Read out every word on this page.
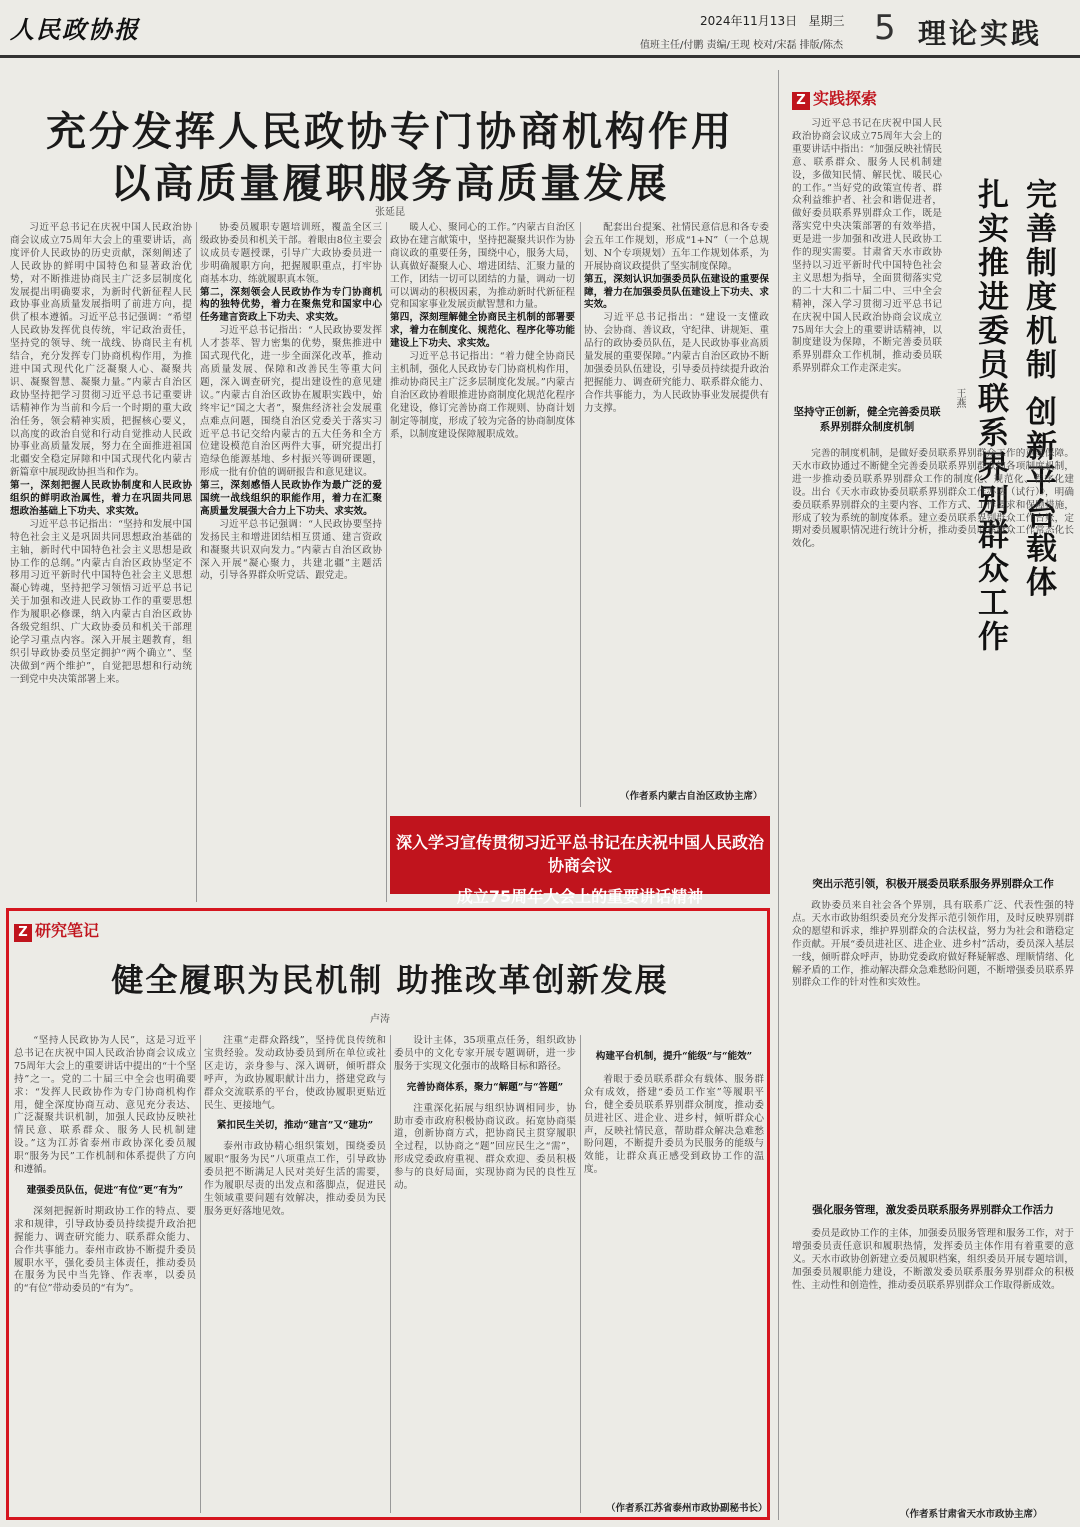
人民政协报	2024年11月13日 星期三
值班主任/付鹏 责编/王现 校对/宋磊 排版/陈杰 5 理论实践
充分发挥人民政协专门协商机构作用
以高质量履职服务高质量发展
张延昆

习近平总书记在庆祝中国人民政治协商会议成立75周年大会上的重要讲话，高度评价人民政协的历史贡献，深刻阐述了人民政协的鲜明中国特色和显著政治优势，对不断推进协商民主广泛多层制度化发展提出明确要求，为新时代新征程人民政协事业高质量发展指明了前进方向，提供了根本遵循。习近平总书记强调：“希望人民政协发挥优良传统，牢记政治责任，坚持党的领导、统一战线、协商民主有机结合，充分发挥专门协商机构作用，为推进中国式现代化广泛凝聚人心、凝聚共识、凝聚智慧、凝聚力量。”内蒙古自治区政协坚持把学习贯彻习近平总书记重要讲话精神作为当前和今后一个时期的重大政治任务，领会精神实质，把握核心要义，以高度的政治自觉和行动自觉推动人民政协事业高质量发展，努力在全面推进祖国北疆安全稳定屏障和中国式现代化内蒙古新篇章中展现政协担当和作为。

第一，深刻把握人民政协制度和人民政协组织的鲜明政治属性，着力在巩固共同思想政治基础上下功夫、求实效。

习近平总书记指出：“坚持和发展中国特色社会主义是巩固共同思想政治基础的主轴，新时代中国特色社会主义思想是政协工作的总纲。”内蒙古自治区政协坚定不移用习近平新时代中国特色社会主义思想凝心铸魂，坚持把学习领悟习近平总书记关于加强和改进人民政协工作的重要思想作为履职必修课，纳入内蒙古自治区政协各级党组织、广大政协委员和机关干部理论学习重点内容。深入开展主题教育，组织引导政协委员坚定拥护“两个确立”、坚决做到“两个维护”，自觉把思想和行动统一到党中央决策部署上来。

协委员履职专题培训班，覆盖全区三级政协委员和机关干部。着眼由8位主要会议成员专题授课，引导广大政协委员进一步明确履职方向，把握履职重点，打牢协商基本功、练就履职真本领。

第二，深刻领会人民政协作为专门协商机构的独特优势，着力在聚焦党和国家中心任务建言资政上下功夫、求实效。

习近平总书记指出：“人民政协要发挥人才荟萃、智力密集的优势，聚焦推进中国式现代化，进一步全面深化改革，推动高质量发展、保障和改善民生等重大问题，深入调查研究，提出建设性的意见建议。”内蒙古自治区政协在履职实践中，始终牢记“国之大者”，聚焦经济社会发展重点难点问题，围绕自治区党委关于落实习近平总书记交给内蒙古的五大任务和全方位建设模范自治区两件大事，研究提出打造绿色能源基地、乡村振兴等调研课题，形成一批有价值的调研报告和意见建议。

第三，深刻感悟人民政协作为最广泛的爱国统一战线组织的职能作用，着力在汇聚高质量发展强大合力上下功夫、求实效。

习近平总书记强调：“人民政协要坚持发扬民主和增进团结相互贯通、建言资政和凝聚共识双向发力。”内蒙古自治区政协深入开展“凝心聚力，共建北疆”主题活动，引导各界群众听党话、跟党走。

暖人心、聚同心的工作。”内蒙古自治区政协在建言献策中，坚持把凝聚共识作为协商议政的重要任务，围绕中心，服务大局，认真做好凝聚人心、增进团结、汇聚力量的工作，团结一切可以团结的力量，调动一切可以调动的积极因素，为推动新时代新征程党和国家事业发展贡献智慧和力量。

第四，深刻理解健全协商民主机制的部署要求，着力在制度化、规范化、程序化等功能建设上下功夫、求实效。

习近平总书记指出：“着力健全协商民主机制，强化人民政协专门协商机构作用，推动协商民主广泛多层制度化发展。”内蒙古自治区政协着眼推进协商制度化规范化程序化建设，修订完善协商工作规则、协商计划制定等制度，形成了较为完备的协商制度体系，以制度建设保障履职成效。

配套出台提案、社情民意信息和各专委会五年工作规划，形成“1+N”（一个总规划、N个专项规划）五年工作规划体系，为开展协商议政提供了坚实制度保障。

第五，深刻认识加强委员队伍建设的重要保障，着力在加强委员队伍建设上下功夫、求实效。

习近平总书记指出：“建设一支懂政协、会协商、善议政，守纪律、讲规矩、重品行的政协委员队伍，是人民政协事业高质量发展的重要保障。”内蒙古自治区政协不断加强委员队伍建设，引导委员持续提升政治把握能力、调查研究能力、联系群众能力、合作共事能力，为人民政协事业发展提供有力支撑。

（作者系内蒙古自治区政协主席）
深入学习宣传贯彻习近平总书记在庆祝中国人民政治协商会议
成立75周年大会上的重要讲话精神
Z 研究笔记
健全履职为民机制 助推改革创新发展
卢涛

“坚持人民政协为人民”，这是习近平总书记在庆祝中国人民政治协商会议成立75周年大会上的重要讲话中提出的“十个坚持”之一。党的二十届三中全会也明确要求：“发挥人民政协作为专门协商机构作用，健全深度协商互动、意见充分表达、广泛凝聚共识机制，加强人民政协反映社情民意、联系群众、服务人民机制建设。”这为江苏省泰州市政协深化委员履职“服务为民”工作机制和体系提供了方向和遵循。

建强委员队伍，促进“有位”更“有为”

深刻把握新时期政协工作的特点、要求和规律，引导政协委员持续提升政治把握能力、调查研究能力、联系群众能力、合作共事能力。泰州市政协不断提升委员履职水平，强化委员主体责任，推动委员在服务为民中当先锋、作表率，以委员的“有位”带动委员的“有为”。

注重“走群众路线”，坚持优良传统和宝贵经验。发动政协委员到所在单位或社区走访，亲身参与、深入调研，倾听群众呼声，为政协履职献计出力，搭建党政与群众交流联系的平台，使政协履职更贴近民生、更接地气。

紧扣民生关切，推动“建言”又“建功”

泰州市政协精心组织策划，围绕委员履职“服务为民”八项重点工作，引导政协委员把不断满足人民对美好生活的需要，作为履职尽责的出发点和落脚点，促进民生领域重要问题有效解决，推动委员为民服务更好落地见效。

设计主体，35项重点任务，组织政协委员中的文化专家开展专题调研，进一步服务于实现文化强市的战略目标和路径。

完善协商体系，聚力“解题”与“答题”

注重深化拓展与组织协调相同步，协助市委市政府积极协商议政。拓宽协商渠道，创新协商方式，把协商民主贯穿履职全过程，以协商之“题”回应民生之“需”，形成党委政府重视、群众欢迎、委员积极参与的良好局面，实现协商为民的良性互动。

构建平台机制，提升“能级”与“能效”

着眼于委员联系群众有载体、服务群众有成效，搭建“委员工作室”等履职平台，健全委员联系界别群众制度，推动委员进社区、进企业、进乡村，倾听群众心声，反映社情民意，帮助群众解决急难愁盼问题，不断提升委员为民服务的能级与效能，让群众真正感受到政协工作的温度。

（作者系江苏省泰州市政协副秘书长）
Z 实践探索
完善制度机制 创新平台载体
扎实推进委员联系界别群众工作
王燕

习近平总书记在庆祝中国人民政治协商会议成立75周年大会上的重要讲话中指出：“加强反映社情民意、联系群众、服务人民机制建设，多做知民情、解民忧、暖民心的工作。”当好党的政策宣传者、群众利益维护者、社会和谐促进者，做好委员联系界别群众工作，既是落实党中央决策部署的有效举措，更是进一步加强和改进人民政协工作的现实需要。甘肃省天水市政协坚持以习近平新时代中国特色社会主义思想为指导，全面贯彻落实党的二十大和二十届二中、三中全会精神，深入学习贯彻习近平总书记在庆祝中国人民政治协商会议成立75周年大会上的重要讲话精神，以制度建设为保障，不断完善委员联系界别群众工作机制，推动委员联系界别群众工作走深走实。

坚持守正创新，健全完善委员联系界别群众制度机制

完善的制度机制，是做好委员联系界别群众工作的重要保障。天水市政协通过不断健全完善委员联系界别群众的各项制度机制，进一步推动委员联系界别群众工作的制度化、规范化、程序化建设。出台《天水市政协委员联系界别群众工作办法（试行）》，明确委员联系界别群众的主要内容、工作方式、工作要求和保障措施，形成了较为系统的制度体系。建立委员联系界别群众工作台账，定期对委员履职情况进行统计分析，推动委员联系群众工作常态化长效化。

突出示范引领，积极开展委员联系服务界别群众工作

政协委员来自社会各个界别，具有联系广泛、代表性强的特点。天水市政协组织委员充分发挥示范引领作用，及时反映界别群众的愿望和诉求，维护界别群众的合法权益，努力为社会和谐稳定作贡献。开展“委员进社区、进企业、进乡村”活动，委员深入基层一线，倾听群众呼声，协助党委政府做好释疑解惑、理顺情绪、化解矛盾的工作，推动解决群众急难愁盼问题，不断增强委员联系界别群众工作的针对性和实效性。

强化服务管理，激发委员联系服务界别群众工作活力

委员是政协工作的主体，加强委员服务管理和服务工作，对于增强委员责任意识和履职热情，发挥委员主体作用有着重要的意义。天水市政协创新建立委员履职档案，组织委员开展专题培训，加强委员履职能力建设，不断激发委员联系服务界别群众的积极性、主动性和创造性，推动委员联系界别群众工作取得新成效。

（作者系甘肃省天水市政协主席）
